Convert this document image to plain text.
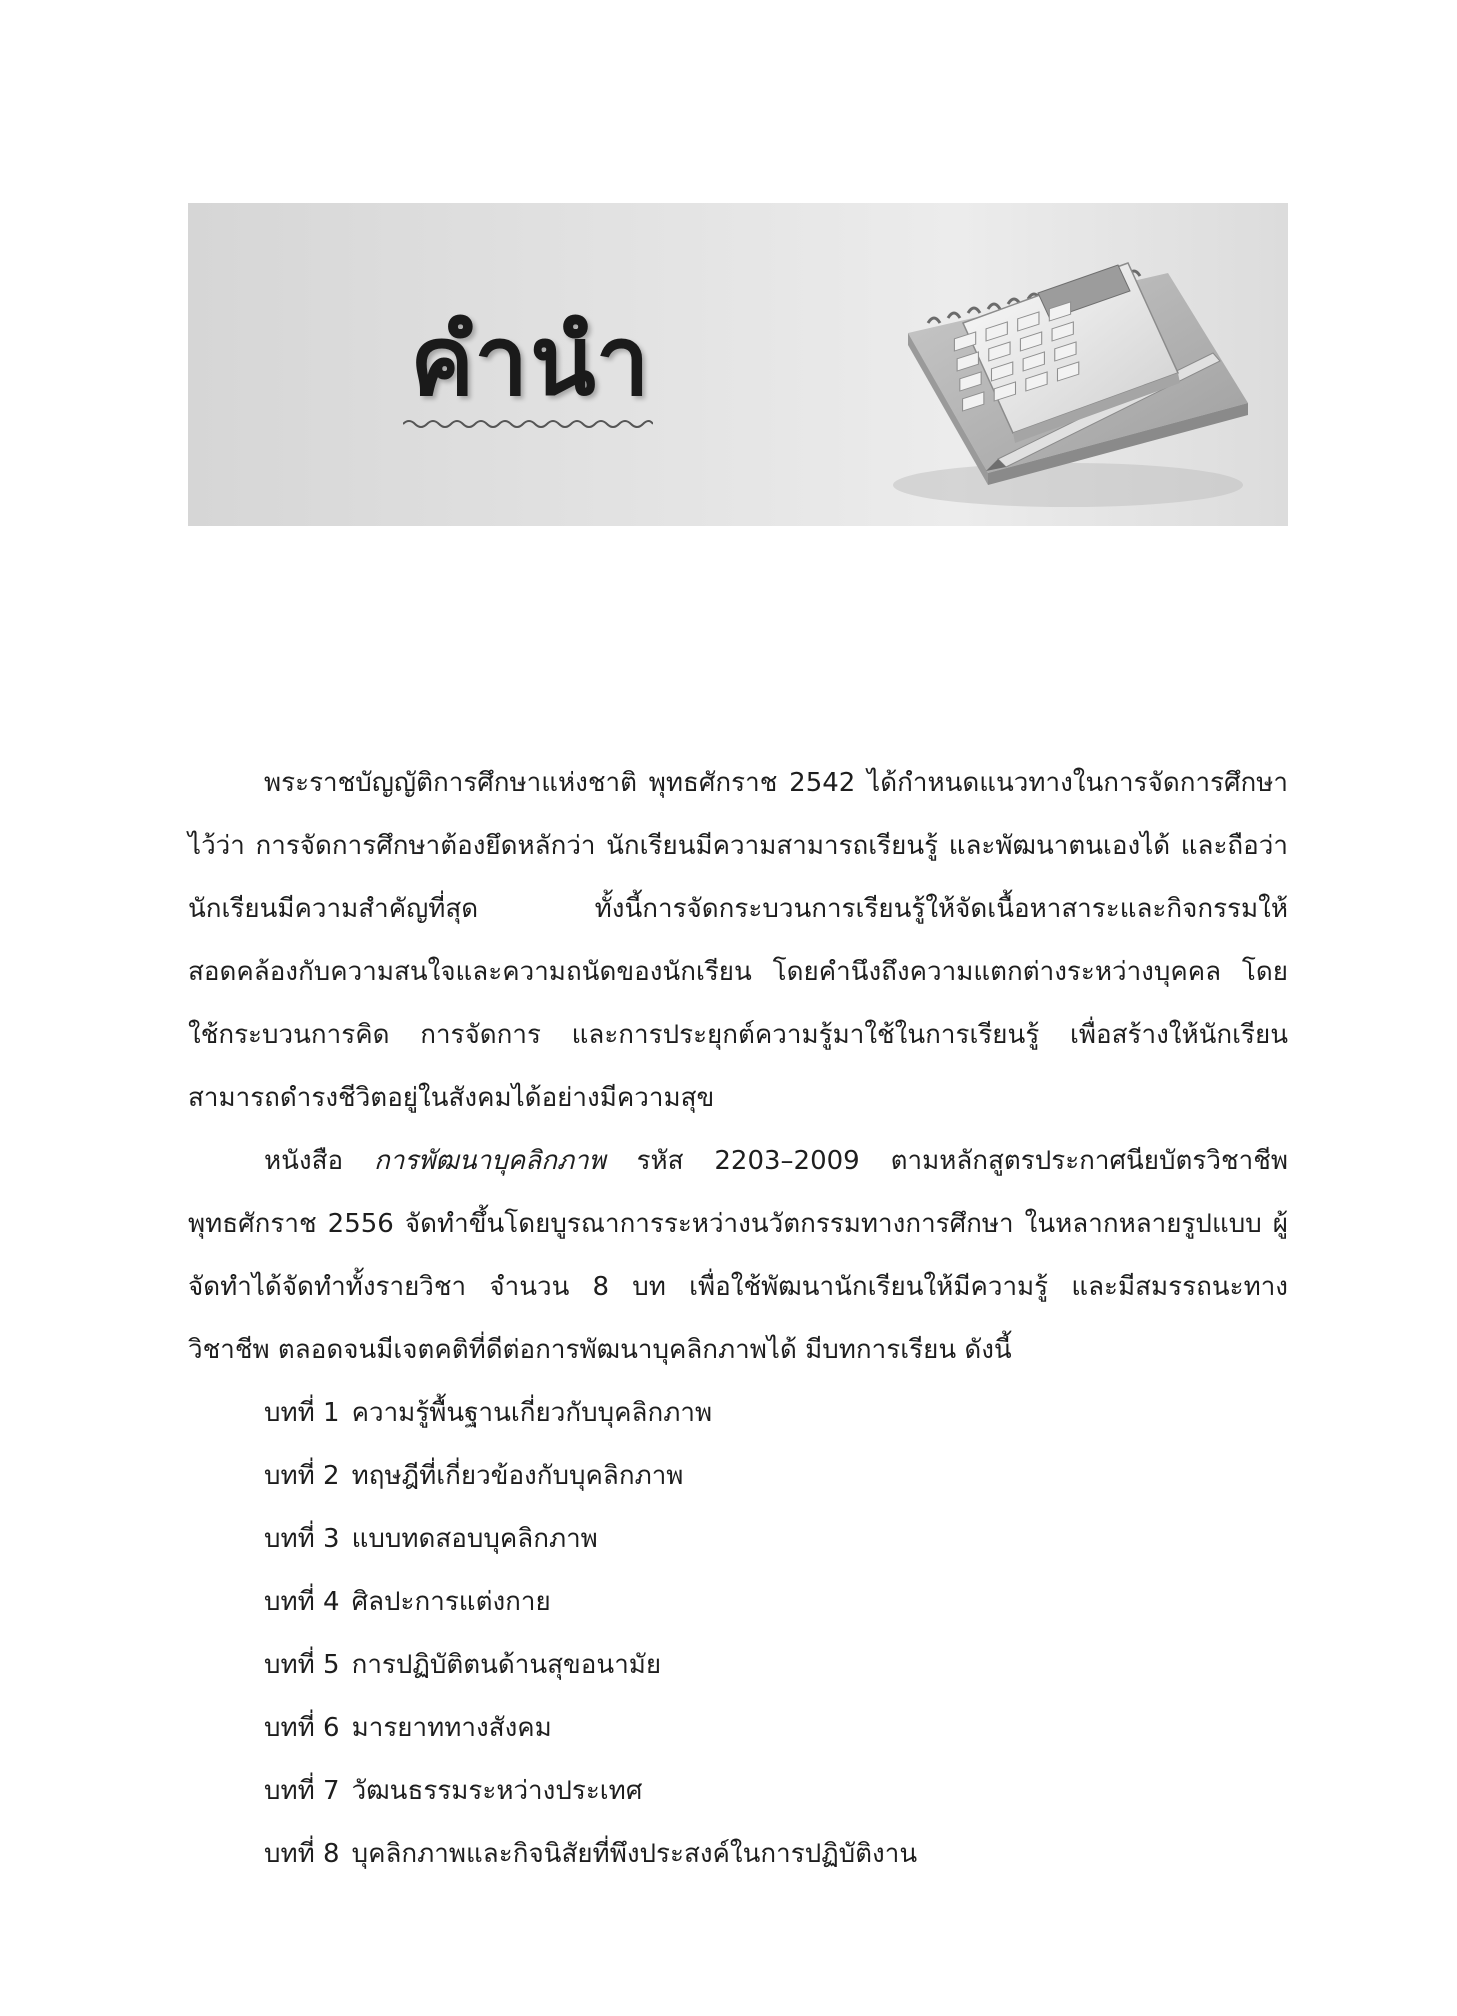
คำนำ

พระราชบัญญัติการศึกษาแห่งชาติ พุทธศักราช 2542 ได้กำหนดแนวทางในการจัดการศึกษาไว้ว่า การจัดการศึกษาต้องยึดหลักว่า นักเรียนมีความสามารถเรียนรู้ และพัฒนาตนเองได้ และถือว่านักเรียนมีความสำคัญที่สุด ทั้งนี้การจัดกระบวนการเรียนรู้ให้จัดเนื้อหาสาระและกิจกรรมให้สอดคล้องกับความสนใจและความถนัดของนักเรียน โดยคำนึงถึงความแตกต่างระหว่างบุคคล โดยใช้กระบวนการคิด การจัดการ และการประยุกต์ความรู้มาใช้ในการเรียนรู้ เพื่อสร้างให้นักเรียนสามารถดำรงชีวิตอยู่ในสังคมได้อย่างมีความสุข

หนังสือ การพัฒนาบุคลิกภาพ รหัส 2203–2009 ตามหลักสูตรประกาศนียบัตรวิชาชีพ พุทธศักราช 2556 จัดทำขึ้นโดยบูรณาการระหว่างนวัตกรรมทางการศึกษา ในหลากหลายรูปแบบ ผู้จัดทำได้จัดทำทั้งรายวิชา จำนวน 8 บท เพื่อใช้พัฒนานักเรียนให้มีความรู้ และมีสมรรถนะทางวิชาชีพ ตลอดจนมีเจตคติที่ดีต่อการพัฒนาบุคลิกภาพได้ มีบทการเรียน ดังนี้

บทที่ 1 ความรู้พื้นฐานเกี่ยวกับบุคลิกภาพ
บทที่ 2 ทฤษฎีที่เกี่ยวข้องกับบุคลิกภาพ
บทที่ 3 แบบทดสอบบุคลิกภาพ
บทที่ 4 ศิลปะการแต่งกาย
บทที่ 5 การปฏิบัติตนด้านสุขอนามัย
บทที่ 6 มารยาททางสังคม
บทที่ 7 วัฒนธรรมระหว่างประเทศ
บทที่ 8 บุคลิกภาพและกิจนิสัยที่พึงประสงค์ในการปฏิบัติงาน
